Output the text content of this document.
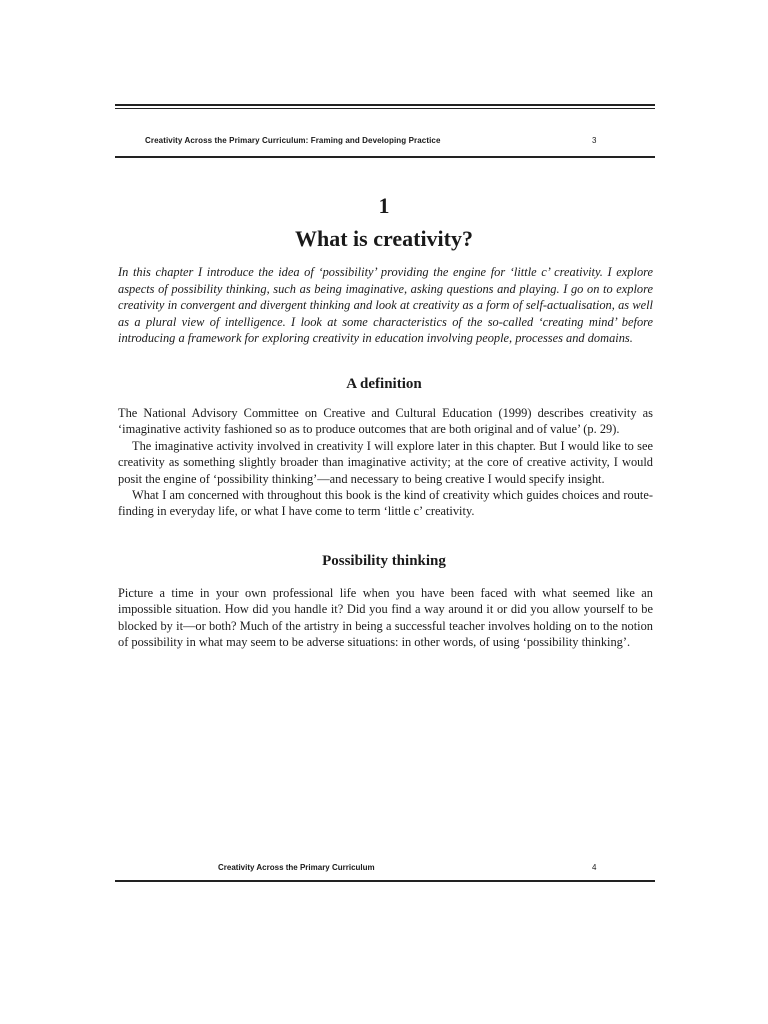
Creativity Across the Primary Curriculum: Framing and Developing Practice	3
1
What is creativity?

In this chapter I introduce the idea of ‘possibility’ providing the engine for ‘little c’ creativity. I explore aspects of possibility thinking, such as being imaginative, asking questions and playing. I go on to explore creativity in convergent and divergent thinking and look at creativity as a form of self-actualisation, as well as a plural view of intelligence. I look at some characteristics of the so-called ‘creating mind’ before introducing a framework for exploring creativity in education involving people, processes and domains.

A definition

The National Advisory Committee on Creative and Cultural Education (1999) describes creativity as ‘imaginative activity fashioned so as to produce outcomes that are both original and of value’ (p. 29).

The imaginative activity involved in creativity I will explore later in this chapter. But I would like to see creativity as something slightly broader than imaginative activity; at the core of creative activity, I would posit the engine of ‘possibility thinking’—and necessary to being creative I would specify insight.

What I am concerned with throughout this book is the kind of creativity which guides choices and route-finding in everyday life, or what I have come to term ‘little c’ creativity.

Possibility thinking

Picture a time in your own professional life when you have been faced with what seemed like an impossible situation. How did you handle it? Did you find a way around it or did you allow yourself to be blocked by it—or both? Much of the artistry in being a successful teacher involves holding on to the notion of possibility in what may seem to be adverse situations: in other words, of using ‘possibility thinking’.

Creativity Across the Primary Curriculum	4
